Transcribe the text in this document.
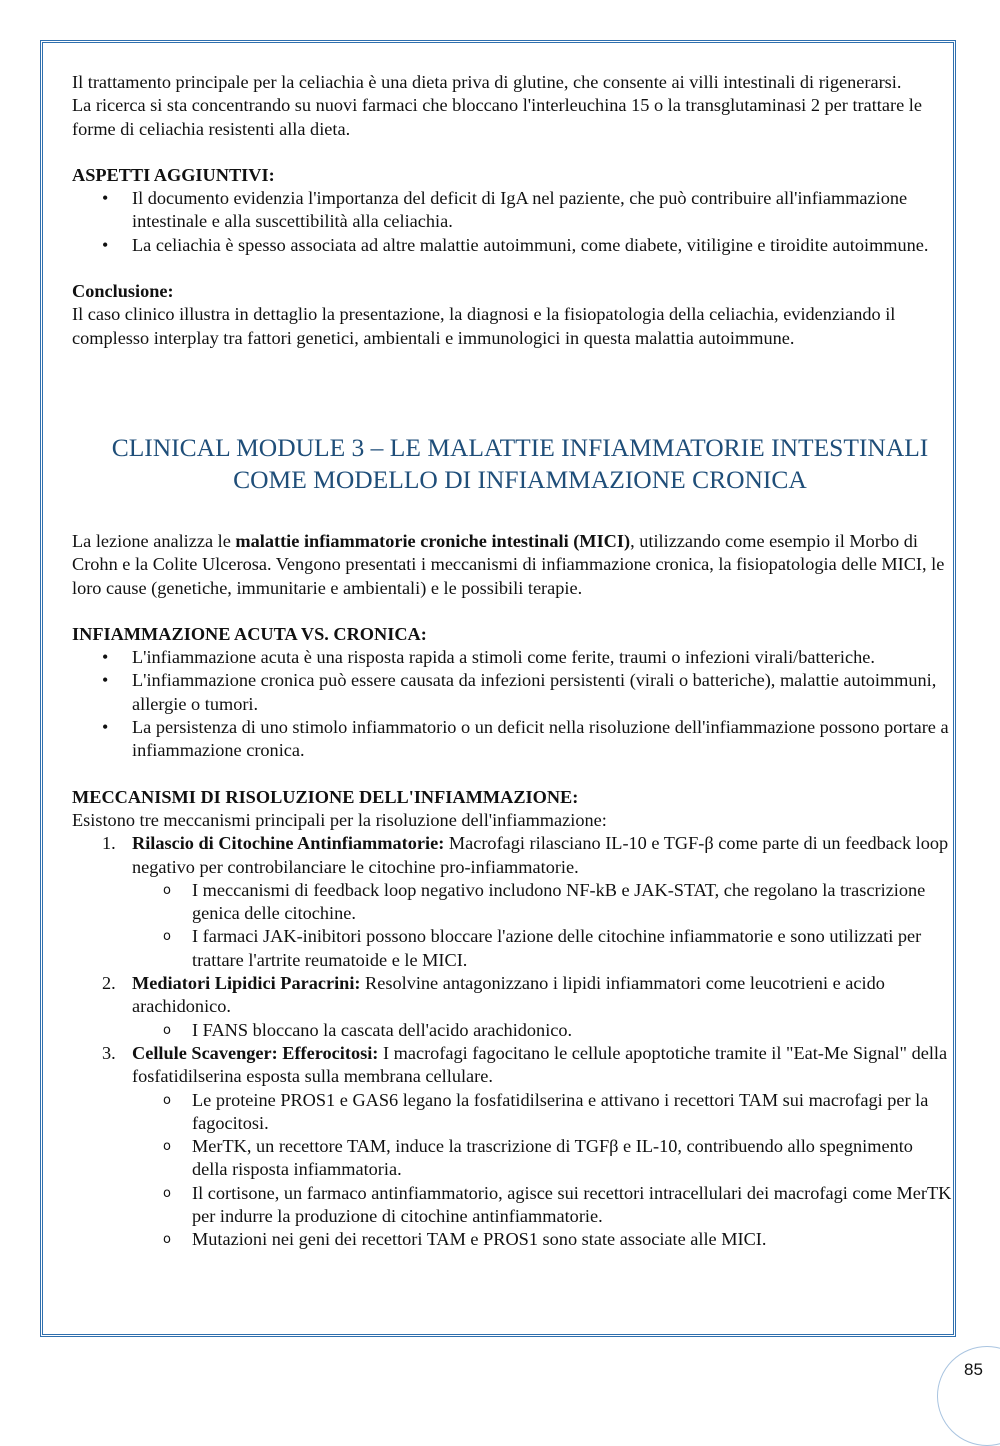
Il trattamento principale per la celiachia è una dieta priva di glutine, che consente ai villi intestinali di rigenerarsi.

La ricerca si sta concentrando su nuovi farmaci che bloccano l'interleuchina 15 o la transglutaminasi 2 per trattare le forme di celiachia resistenti alla dieta.

ASPETTI AGGIUNTIVI:

• Il documento evidenzia l'importanza del deficit di IgA nel paziente, che può contribuire all'infiammazione intestinale e alla suscettibilità alla celiachia.
• La celiachia è spesso associata ad altre malattie autoimmuni, come diabete, vitiligine e tiroidite autoimmune.

Conclusione:

Il caso clinico illustra in dettaglio la presentazione, la diagnosi e la fisiopatologia della celiachia, evidenziando il complesso interplay tra fattori genetici, ambientali e immunologici in questa malattia autoimmune.

CLINICAL MODULE 3 – LE MALATTIE INFIAMMATORIE INTESTINALI
COME MODELLO DI INFIAMMAZIONE CRONICA

La lezione analizza le malattie infiammatorie croniche intestinali (MICI), utilizzando come esempio il Morbo di Crohn e la Colite Ulcerosa. Vengono presentati i meccanismi di infiammazione cronica, la fisiopatologia delle MICI, le loro cause (genetiche, immunitarie e ambientali) e le possibili terapie.

INFIAMMAZIONE ACUTA VS. CRONICA:

• L'infiammazione acuta è una risposta rapida a stimoli come ferite, traumi o infezioni virali/batteriche.
• L'infiammazione cronica può essere causata da infezioni persistenti (virali o batteriche), malattie autoimmuni, allergie o tumori.
• La persistenza di uno stimolo infiammatorio o un deficit nella risoluzione dell'infiammazione possono portare a infiammazione cronica.

MECCANISMI DI RISOLUZIONE DELL'INFIAMMAZIONE:

Esistono tre meccanismi principali per la risoluzione dell'infiammazione:

1. Rilascio di Citochine Antinfiammatorie: Macrofagi rilasciano IL-10 e TGF-β come parte di un feedback loop negativo per controbilanciare le citochine pro-infiammatorie.
o I meccanismi di feedback loop negativo includono NF-kB e JAK-STAT, che regolano la trascrizione genica delle citochine.
o I farmaci JAK-inibitori possono bloccare l'azione delle citochine infiammatorie e sono utilizzati per trattare l'artrite reumatoide e le MICI.
2. Mediatori Lipidici Paracrini: Resolvine antagonizzano i lipidi infiammatori come leucotrieni e acido arachidonico.
o I FANS bloccano la cascata dell'acido arachidonico.
3. Cellule Scavenger: Efferocitosi: I macrofagi fagocitano le cellule apoptotiche tramite il "Eat-Me Signal" della fosfatidilserina esposta sulla membrana cellulare.
o Le proteine PROS1 e GAS6 legano la fosfatidilserina e attivano i recettori TAM sui macrofagi per la fagocitosi.
o MerTK, un recettore TAM, induce la trascrizione di TGFβ e IL-10, contribuendo allo spegnimento della risposta infiammatoria.
o Il cortisone, un farmaco antinfiammatorio, agisce sui recettori intracellulari dei macrofagi come MerTK per indurre la produzione di citochine antinfiammatorie.
o Mutazioni nei geni dei recettori TAM e PROS1 sono state associate alle MICI.
85
